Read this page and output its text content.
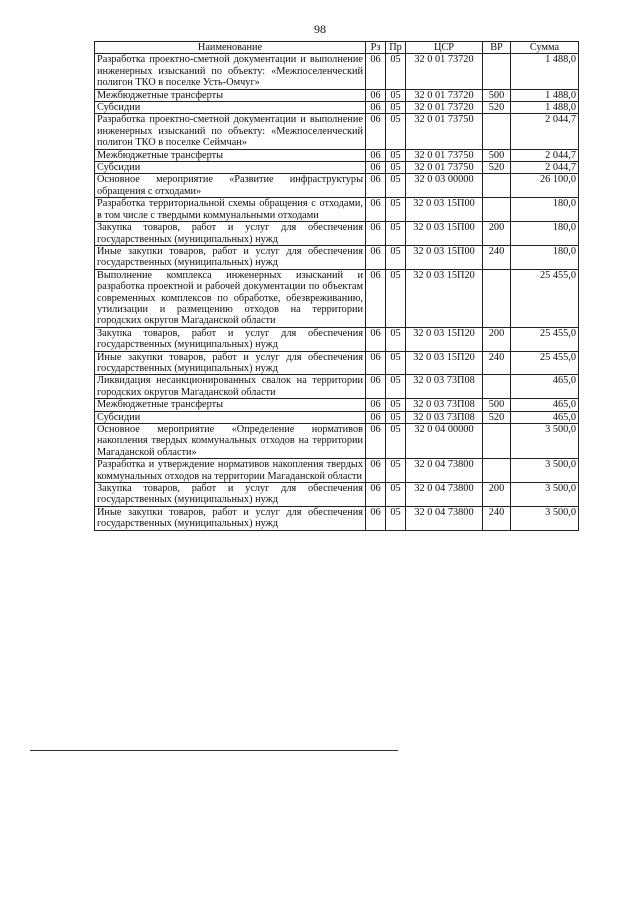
98
Наименование	Рз	Пр	ЦСР	ВР	Сумма
Разработка проектно-сметной документации и выполнение инженерных изысканий по объекту: «Межпоселенческий полигон ТКО в поселке Усть-Омчуг»	06	05	32 0 01 73720		1 488,0
Межбюджетные трансферты	06	05	32 0 01 73720	500	1 488,0
Субсидии	06	05	32 0 01 73720	520	1 488,0
Разработка проектно-сметной документации и выполнение инженерных изысканий по объекту: «Межпоселенческий полигон ТКО в поселке Сеймчан»	06	05	32 0 01 73750		2 044,7
Межбюджетные трансферты	06	05	32 0 01 73750	500	2 044,7
Субсидии	06	05	32 0 01 73750	520	2 044,7
Основное мероприятие «Развитие инфраструктуры обращения с отходами»	06	05	32 0 03 00000		26 100,0
Разработка территориальной схемы обращения с отходами, в том числе с твердыми коммунальными отходами	06	05	32 0 03 15П00		180,0
Закупка товаров, работ и услуг для обеспечения государственных (муниципальных) нужд	06	05	32 0 03 15П00	200	180,0
Иные закупки товаров, работ и услуг для обеспечения государственных (муниципальных) нужд	06	05	32 0 03 15П00	240	180,0
Выполнение комплекса инженерных изысканий и разработка проектной и рабочей документации по объектам современных комплексов по обработке, обезвреживанию, утилизации и размещению отходов на территории городских округов Магаданской области	06	05	32 0 03 15П20		25 455,0
Закупка товаров, работ и услуг для обеспечения государственных (муниципальных) нужд	06	05	32 0 03 15П20	200	25 455,0
Иные закупки товаров, работ и услуг для обеспечения государственных (муниципальных) нужд	06	05	32 0 03 15П20	240	25 455,0
Ликвидация несанкционированных свалок на территории городских округов Магаданской области	06	05	32 0 03 73П08		465,0
Межбюджетные трансферты	06	05	32 0 03 73П08	500	465,0
Субсидии	06	05	32 0 03 73П08	520	465,0
Основное мероприятие «Определение нормативов накопления твердых коммунальных отходов на территории Магаданской области»	06	05	32 0 04 00000		3 500,0
Разработка и утверждение нормативов накопления твердых коммунальных отходов на территории Магаданской области	06	05	32 0 04 73800		3 500,0
Закупка товаров, работ и услуг для обеспечения государственных (муниципальных) нужд	06	05	32 0 04 73800	200	3 500,0
Иные закупки товаров, работ и услуг для обеспечения государственных (муниципальных) нужд	06	05	32 0 04 73800	240	3 500,0
